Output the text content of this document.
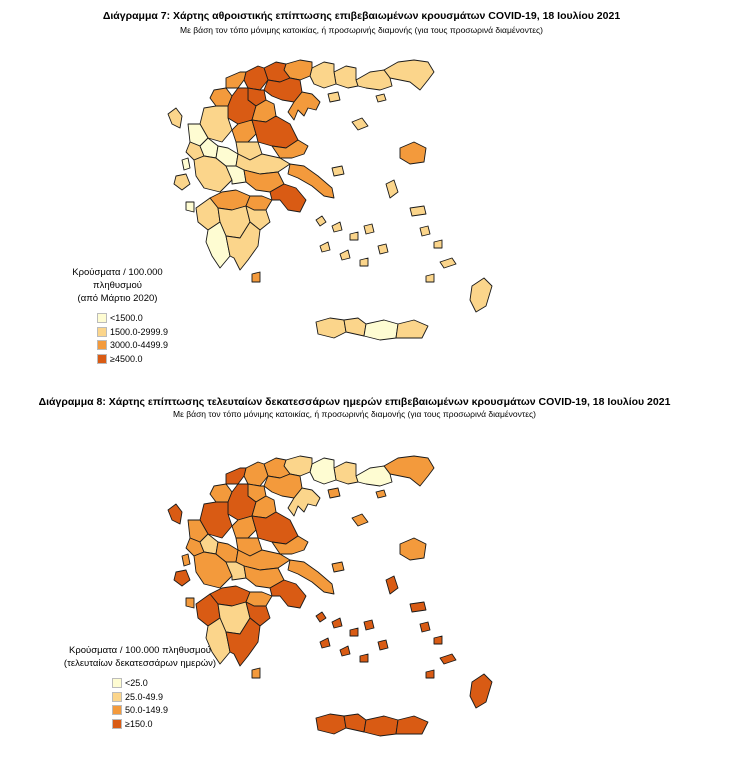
Διάγραμμα 7: Χάρτης αθροιστικής επίπτωσης επιβεβαιωμένων κρουσμάτων COVID-19, 18 Ιουλίου 2021
Με βάση τον τόπο μόνιμης κατοικίας, ή προσωρινής διαμονής (για τους προσωρινά διαμένοντες)
Κρούσματα / 100.000 πληθυσμού
(από Μάρτιο 2020)
<1500.0
1500.0-2999.9
3000.0-4499.9
≥4500.0
Διάγραμμα 8: Χάρτης επίπτωσης τελευταίων δεκατεσσάρων ημερών επιβεβαιωμένων κρουσμάτων COVID-19, 18 Ιουλίου 2021
Με βάση τον τόπο μόνιμης κατοικίας, ή προσωρινής διαμονής (για τους προσωρινά διαμένοντες)
Κρούσματα / 100.000 πληθυσμού
(τελευταίων δεκατεσσάρων ημερών)
<25.0
25.0-49.9
50.0-149.9
≥150.0
